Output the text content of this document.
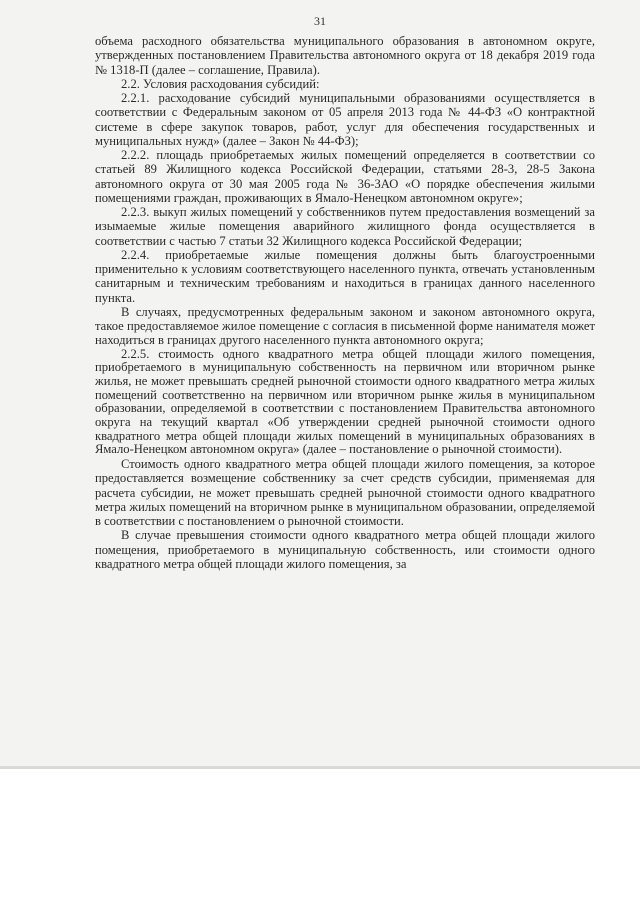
31

объема расходного обязательства муниципального образования в автономном округе, утвержденных постановлением Правительства автономного округа от 18 декабря 2019 года № 1318-П (далее – соглашение, Правила).

2.2. Условия расходования субсидий:

2.2.1. расходование субсидий муниципальными образованиями осуществляется в соответствии с Федеральным законом от 05 апреля 2013 года № 44-ФЗ «О контрактной системе в сфере закупок товаров, работ, услуг для обеспечения государственных и муниципальных нужд» (далее – Закон № 44-ФЗ);

2.2.2. площадь приобретаемых жилых помещений определяется в соответствии со статьей 89 Жилищного кодекса Российской Федерации, статьями 28-3, 28-5 Закона автономного округа от 30 мая 2005 года № 36-ЗАО «О порядке обеспечения жилыми помещениями граждан, проживающих в Ямало-Ненецком автономном округе»;

2.2.3. выкуп жилых помещений у собственников путем предоставления возмещений за изымаемые жилые помещения аварийного жилищного фонда осуществляется в соответствии с частью 7 статьи 32 Жилищного кодекса Российской Федерации;

2.2.4. приобретаемые жилые помещения должны быть благоустроенными применительно к условиям соответствующего населенного пункта, отвечать установленным санитарным и техническим требованиям и находиться в границах данного населенного пункта.

В случаях, предусмотренных федеральным законом и законом автономного округа, такое предоставляемое жилое помещение с согласия в письменной форме нанимателя может находиться в границах другого населенного пункта автономного округа;

2.2.5. стоимость одного квадратного метра общей площади жилого помещения, приобретаемого в муниципальную собственность на первичном или вторичном рынке жилья, не может превышать средней рыночной стоимости одного квадратного метра жилых помещений соответственно на первичном или вторичном рынке жилья в муниципальном образовании, определяемой в соответствии с постановлением Правительства автономного округа на текущий квартал «Об утверждении средней рыночной стоимости одного квадратного метра общей площади жилых помещений в муниципальных образованиях в Ямало-Ненецком автономном округа» (далее – постановление о рыночной стоимости).

Стоимость одного квадратного метра общей площади жилого помещения, за которое предоставляется возмещение собственнику за счет средств субсидии, применяемая для расчета субсидии, не может превышать средней рыночной стоимости одного квадратного метра жилых помещений на вторичном рынке в муниципальном образовании, определяемой в соответствии с постановлением о рыночной стоимости.

В случае превышения стоимости одного квадратного метра общей площади жилого помещения, приобретаемого в муниципальную собственность, или стоимости одного квадратного метра общей площади жилого помещения, за
